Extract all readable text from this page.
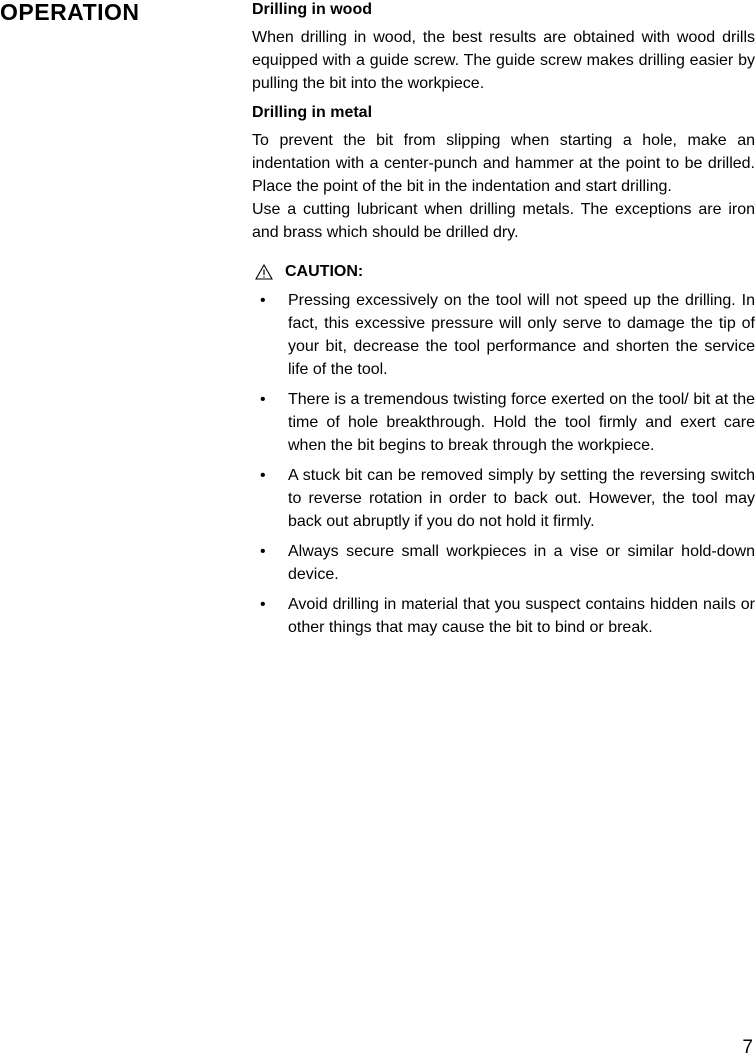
OPERATION	Drilling in wood

When drilling in wood, the best results are obtained with wood drills equipped with a guide screw. The guide screw makes drilling easier by pulling the bit into the workpiece.

Drilling in metal

To prevent the bit from slipping when starting a hole, make an indentation with a center-punch and hammer at the point to be drilled. Place the point of the bit in the indentation and start drilling.

Use a cutting lubricant when drilling metals. The exceptions are iron and brass which should be drilled dry.

CAUTION:
•	Pressing excessively on the tool will not speed up the drilling. In fact, this excessive pressure will only serve to damage the tip of your bit, decrease the tool performance and shorten the service life of the tool.
•	There is a tremendous twisting force exerted on the tool/ bit at the time of hole breakthrough. Hold the tool firmly and exert care when the bit begins to break through the workpiece.
•	A stuck bit can be removed simply by setting the reversing switch to reverse rotation in order to back out. However, the tool may back out abruptly if you do not hold it firmly.
•	Always secure small workpieces in a vise or similar hold-down device.
•	Avoid drilling in material that you suspect contains hidden nails or other things that may cause the bit to bind or break.
7
